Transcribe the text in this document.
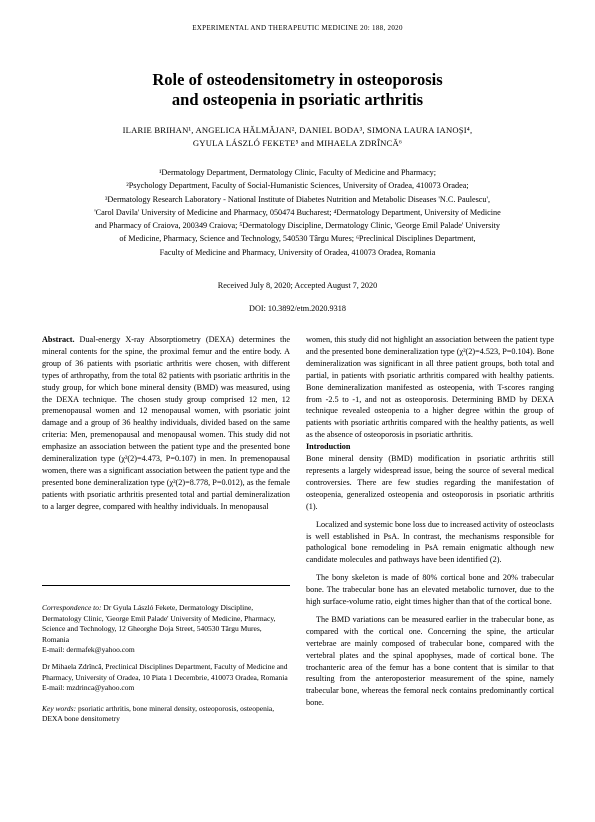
EXPERIMENTAL AND THERAPEUTIC MEDICINE 20: 188, 2020
Role of osteodensitometry in osteoporosis
and osteopenia in psoriatic arthritis
ILARIE BRIHAN¹, ANGELICA HĂLMĂJAN², DANIEL BODA³, SIMONA LAURA IANOȘI⁴,
GYULA LÁSZLÓ FEKETE⁵ and MIHAELA ZDRÎNCĂ⁶
¹Dermatology Department, Dermatology Clinic, Faculty of Medicine and Pharmacy;
²Psychology Department, Faculty of Social-Humanistic Sciences, University of Oradea, 410073 Oradea;
³Dermatology Research Laboratory - National Institute of Diabetes Nutrition and Metabolic Diseases 'N.C. Paulescu',
'Carol Davila' University of Medicine and Pharmacy, 050474 Bucharest; ⁴Dermatology Department, University of Medicine
and Pharmacy of Craiova, 200349 Craiova; ⁵Dermatology Discipline, Dermatology Clinic, 'George Emil Palade' University
of Medicine, Pharmacy, Science and Technology, 540530 Târgu Mures; ⁶Preclinical Disciplines Department,
Faculty of Medicine and Pharmacy, University of Oradea, 410073 Oradea, Romania
Received July 8, 2020; Accepted August 7, 2020
DOI: 10.3892/etm.2020.9318

Abstract. Dual-energy X-ray Absorptiometry (DEXA) determines the mineral contents for the spine, the proximal femur and the entire body. A group of 36 patients with psoriatic arthritis were chosen, with different types of arthropathy, from the total 82 patients with psoriatic arthritis in the study group, for which bone mineral density (BMD) was measured, using the DEXA technique. The chosen study group comprised 12 men, 12 premenopausal women and 12 menopausal women, with psoriatic joint damage and a group of 36 healthy individuals, divided based on the same criteria: Men, premenopausal and menopausal women. This study did not emphasize an association between the patient type and the presented bone demineralization type (χ²(2)=4.473, P=0.107) in men. In premenopausal women, there was a significant association between the patient type and the presented bone demineralization type (χ²(2)=8.778, P=0.012), as the female patients with psoriatic arthritis presented total and partial demineralization to a larger degree, compared with healthy individuals. In menopausal

Correspondence to: Dr Gyula László Fekete, Dermatology Discipline, Dermatology Clinic, 'George Emil Palade' University of Medicine, Pharmacy, Science and Technology, 12 Gheorghe Doja Street, 540530 Târgu Mures, Romania
E-mail: dermafek@yahoo.com

Dr Mihaela Zdrîncă, Preclinical Disciplines Department, Faculty of Medicine and Pharmacy, University of Oradea, 10 Piata 1 Decembrie, 410073 Oradea, Romania
E-mail: mzdrinca@yahoo.com

Key words: psoriatic arthritis, bone mineral density, osteoporosis, osteopenia, DEXA bone densitometry

women, this study did not highlight an association between the patient type and the presented bone demineralization type (χ²(2)=4.523, P=0.104). Bone demineralization was significant in all three patient groups, both total and partial, in patients with psoriatic arthritis compared with healthy patients. Bone demineralization manifested as osteopenia, with T-scores ranging from -2.5 to -1, and not as osteoporosis. Determining BMD by DEXA technique revealed osteopenia to a higher degree within the group of patients with psoriatic arthritis compared with the healthy patients, as well as the absence of osteoporosis in psoriatic arthritis.

Introduction

Bone mineral density (BMD) modification in psoriatic arthritis still represents a largely widespread issue, being the source of several medical controversies. There are few studies regarding the manifestation of osteopenia, generalized osteopenia and osteoporosis in psoriatic arthritis (1).

Localized and systemic bone loss due to increased activity of osteoclasts is well established in PsA. In contrast, the mechanisms responsible for pathological bone remodeling in PsA remain enigmatic although new candidate molecules and pathways have been identified (2).

The bony skeleton is made of 80% cortical bone and 20% trabecular bone. The trabecular bone has an elevated metabolic turnover, due to the high surface-volume ratio, eight times higher than that of the cortical bone.

The BMD variations can be measured earlier in the trabecular bone, as compared with the cortical one. Concerning the spine, the articular vertebrae are mainly composed of trabecular bone, compared with the vertebral plates and the spinal apophyses, made of cortical bone. The trochanteric area of the femur has a bone content that is similar to that resulting from the anteroposterior measurement of the spine, namely trabecular bone, whereas the femoral neck contains predominantly cortical bone.
